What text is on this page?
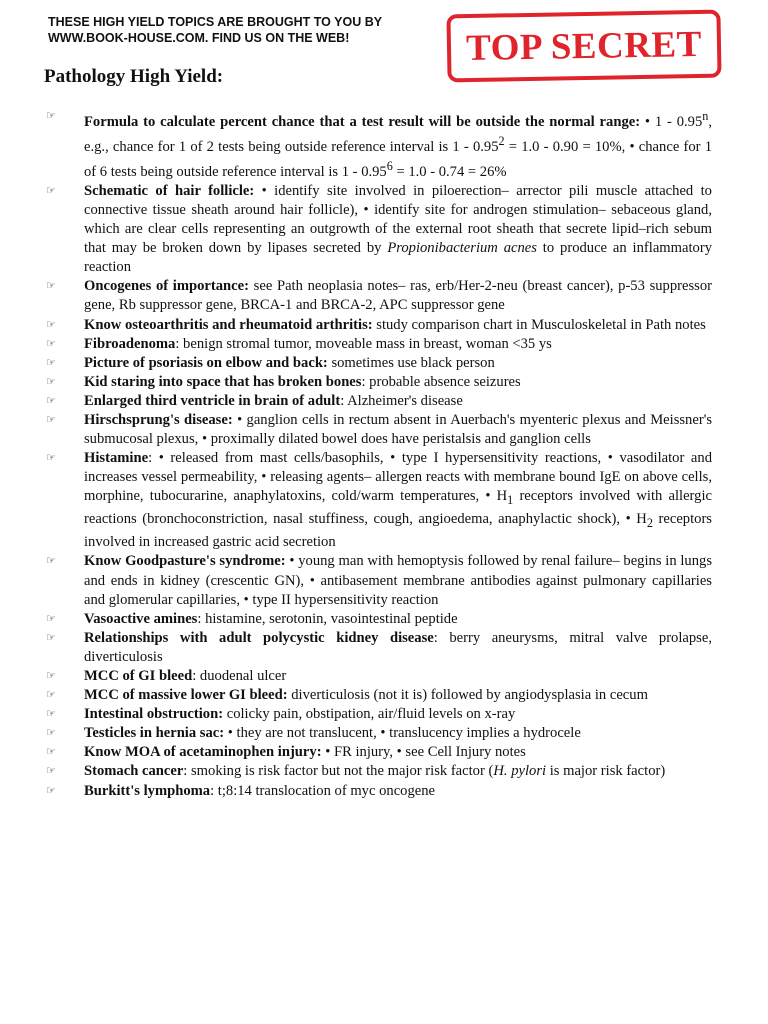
THESE HIGH YIELD TOPICS ARE BROUGHT TO YOU BY
WWW.BOOK-HOUSE.COM. FIND US ON THE WEB!	TOP SECRET
Pathology High Yield:
☞	Formula to calculate percent chance that a test result will be outside the normal range: • 1 - 0.95$^n$, e.g., chance for 1 of 2 tests being outside reference interval is $1 - 0.95^2 = 1.0 - 0.90 = 10\%$, • chance for 1 of 6 tests being outside reference interval is $1 - 0.95^6 = 1.0 - 0.74 = 26\%$
☞	Schematic of hair follicle: • identify site involved in piloerection– arrector pili muscle attached to connective tissue sheath around hair follicle), • identify site for androgen stimulation– sebaceous gland, which are clear cells representing an outgrowth of the external root sheath that secrete lipid–rich sebum that may be broken down by lipases secreted by Propionibacterium acnes to produce an inflammatory reaction
☞	Oncogenes of importance: see Path neoplasia notes– ras, erb/Her-2-neu (breast cancer), p-53 suppressor gene, Rb suppressor gene, BRCA-1 and BRCA-2, APC suppressor gene
☞	Know osteoarthritis and rheumatoid arthritis: study comparison chart in Musculoskeletal in Path notes
☞	Fibroadenoma: benign stromal tumor, moveable mass in breast, woman <35 ys
☞	Picture of psoriasis on elbow and back: sometimes use black person
☞	Kid staring into space that has broken bones: probable absence seizures
☞	Enlarged third ventricle in brain of adult: Alzheimer's disease
☞	Hirschsprung's disease: • ganglion cells in rectum absent in Auerbach's myenteric plexus and Meissner's submucosal plexus, • proximally dilated bowel does have peristalsis and ganglion cells
☞	Histamine: • released from mast cells/basophils, • type I hypersensitivity reactions, • vasodilator and increases vessel permeability, • releasing agents– allergen reacts with membrane bound IgE on above cells, morphine, tubocurarine, anaphylatoxins, cold/warm temperatures, • $H_1$ receptors involved with allergic reactions (bronchoconstriction, nasal stuffiness, cough, angioedema, anaphylactic shock), • $H_2$ receptors involved in increased gastric acid secretion
☞	Know Goodpasture's syndrome: • young man with hemoptysis followed by renal failure– begins in lungs and ends in kidney (crescentic GN), • antibasement membrane antibodies against pulmonary capillaries and glomerular capillaries, • type II hypersensitivity reaction
☞	Vasoactive amines: histamine, serotonin, vasointestinal peptide
☞	Relationships with adult polycystic kidney disease: berry aneurysms, mitral valve prolapse, diverticulosis
☞	MCC of GI bleed: duodenal ulcer
☞	MCC of massive lower GI bleed: diverticulosis (not it is) followed by angiodysplasia in cecum
☞	Intestinal obstruction: colicky pain, obstipation, air/fluid levels on x-ray
☞	Testicles in hernia sac: • they are not translucent, • translucency implies a hydrocele
☞	Know MOA of acetaminophen injury: • FR injury, • see Cell Injury notes
☞	Stomach cancer: smoking is risk factor but not the major risk factor (H. pylori is major risk factor)
☞	Burkitt's lymphoma: t;8:14 translocation of myc oncogene
